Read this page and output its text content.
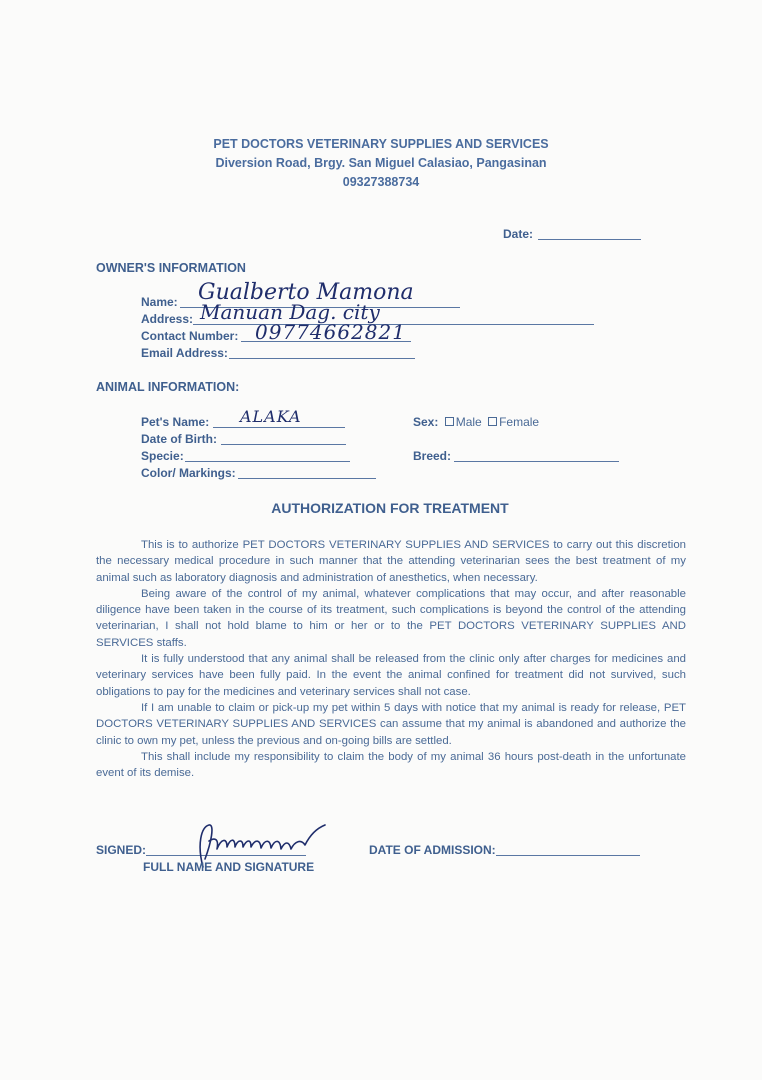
PET DOCTORS VETERINARY SUPPLIES AND SERVICES
Diversion Road, Brgy. San Miguel Calasiao, Pangasinan
09327388734
Date:
OWNER'S INFORMATION
Name: Gualberto Mamona
Address: Manuan Dag. city
Contact Number: 09774662821
Email Address:
ANIMAL INFORMATION:
Pet's Name: ALAKA
Date of Birth:
Specie:
Color/ Markings:
Sex: Male Female
Breed:
AUTHORIZATION FOR TREATMENT

This is to authorize PET DOCTORS VETERINARY SUPPLIES AND SERVICES to carry out this discretion the necessary medical procedure in such manner that the attending veterinarian sees the best treatment of my animal such as laboratory diagnosis and administration of anesthetics, when necessary.

Being aware of the control of my animal, whatever complications that may occur, and after reasonable diligence have been taken in the course of its treatment, such complications is beyond the control of the attending veterinarian, I shall not hold blame to him or her or to the PET DOCTORS VETERINARY SUPPLIES AND SERVICES staffs.

It is fully understood that any animal shall be released from the clinic only after charges for medicines and veterinary services have been fully paid. In the event the animal confined for treatment did not survived, such obligations to pay for the medicines and veterinary services shall not case.

If I am unable to claim or pick-up my pet within 5 days with notice that my animal is ready for release, PET DOCTORS VETERINARY SUPPLIES AND SERVICES can assume that my animal is abandoned and authorize the clinic to own my pet, unless the previous and on-going bills are settled.

This shall include my responsibility to claim the body of my animal 36 hours post-death in the unfortunate event of its demise.

SIGNED:
FULL NAME AND SIGNATURE
DATE OF ADMISSION:
